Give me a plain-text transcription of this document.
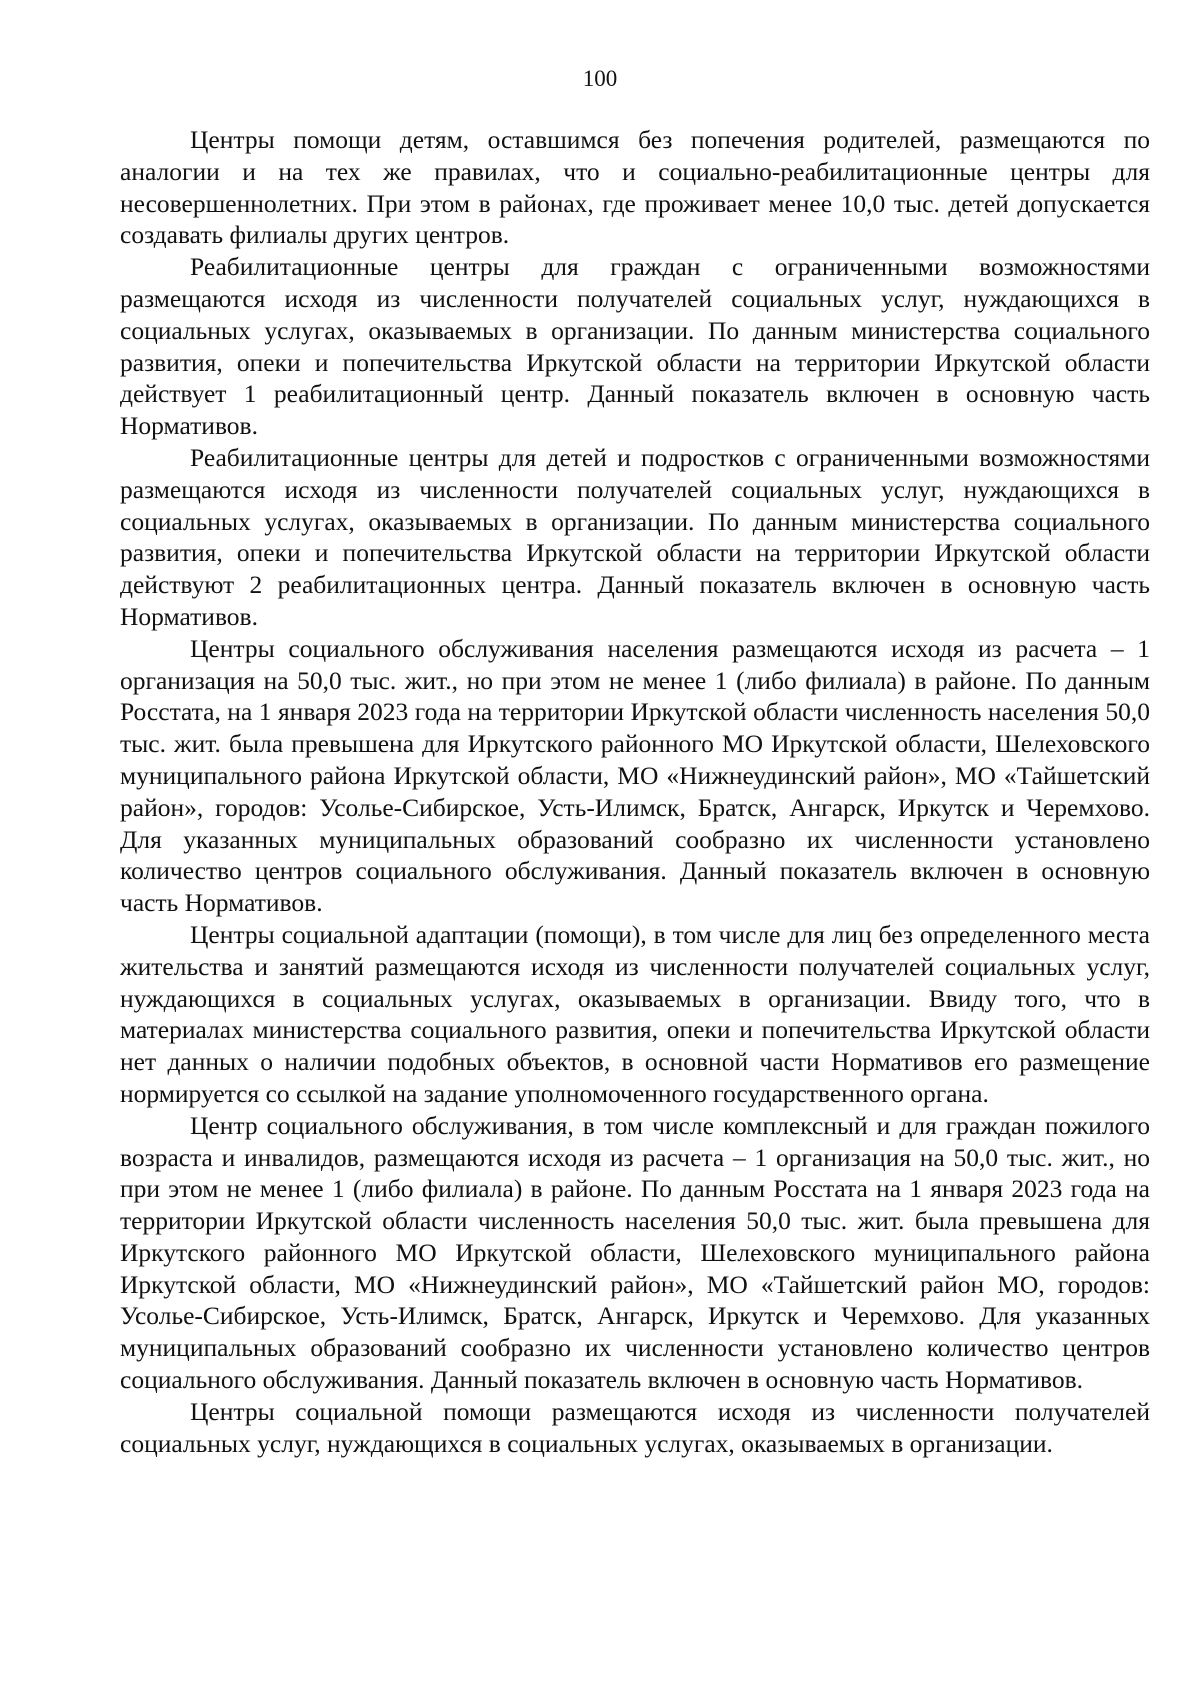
100

Центры помощи детям, оставшимся без попечения родителей, размещаются по аналогии и на тех же правилах, что и социально-реабилитационные центры для несовершеннолетних. При этом в районах, где проживает менее 10,0 тыс. детей допускается создавать филиалы других центров.

Реабилитационные центры для граждан с ограниченными возможностями размещаются исходя из численности получателей социальных услуг, нуждающихся в социальных услугах, оказываемых в организации. По данным министерства социального развития, опеки и попечительства Иркутской области на территории Иркутской области действует 1 реабилитационный центр. Данный показатель включен в основную часть Нормативов.

Реабилитационные центры для детей и подростков с ограниченными возможностями размещаются исходя из численности получателей социальных услуг, нуждающихся в социальных услугах, оказываемых в организации. По данным министерства социального развития, опеки и попечительства Иркутской области на территории Иркутской области действуют 2 реабилитационных центра. Данный показатель включен в основную часть Нормативов.

Центры социального обслуживания населения размещаются исходя из расчета – 1 организация на 50,0 тыс. жит., но при этом не менее 1 (либо филиала) в районе. По данным Росстата, на 1 января 2023 года на территории Иркутской области численность населения 50,0 тыс. жит. была превышена для Иркутского районного МО Иркутской области, Шелеховского муниципального района Иркутской области, МО «Нижнеудинский район», МО «Тайшетский район», городов: Усолье-Сибирское, Усть-Илимск, Братск, Ангарск, Иркутск и Черемхово. Для указанных муниципальных образований сообразно их численности установлено количество центров социального обслуживания. Данный показатель включен в основную часть Нормативов.

Центры социальной адаптации (помощи), в том числе для лиц без определенного места жительства и занятий размещаются исходя из численности получателей социальных услуг, нуждающихся в социальных услугах, оказываемых в организации. Ввиду того, что в материалах министерства социального развития, опеки и попечительства Иркутской области нет данных о наличии подобных объектов, в основной части Нормативов его размещение нормируется со ссылкой на задание уполномоченного государственного органа.

Центр социального обслуживания, в том числе комплексный и для граждан пожилого возраста и инвалидов, размещаются исходя из расчета – 1 организация на 50,0 тыс. жит., но при этом не менее 1 (либо филиала) в районе. По данным Росстата на 1 января 2023 года на территории Иркутской области численность населения 50,0 тыс. жит. была превышена для Иркутского районного МО Иркутской области, Шелеховского муниципального района Иркутской области, МО «Нижнеудинский район», МО «Тайшетский район МО, городов: Усолье-Сибирское, Усть-Илимск, Братск, Ангарск, Иркутск и Черемхово. Для указанных муниципальных образований сообразно их численности установлено количество центров социального обслуживания. Данный показатель включен в основную часть Нормативов.

Центры социальной помощи размещаются исходя из численности получателей социальных услуг, нуждающихся в социальных услугах, оказываемых в организации.
